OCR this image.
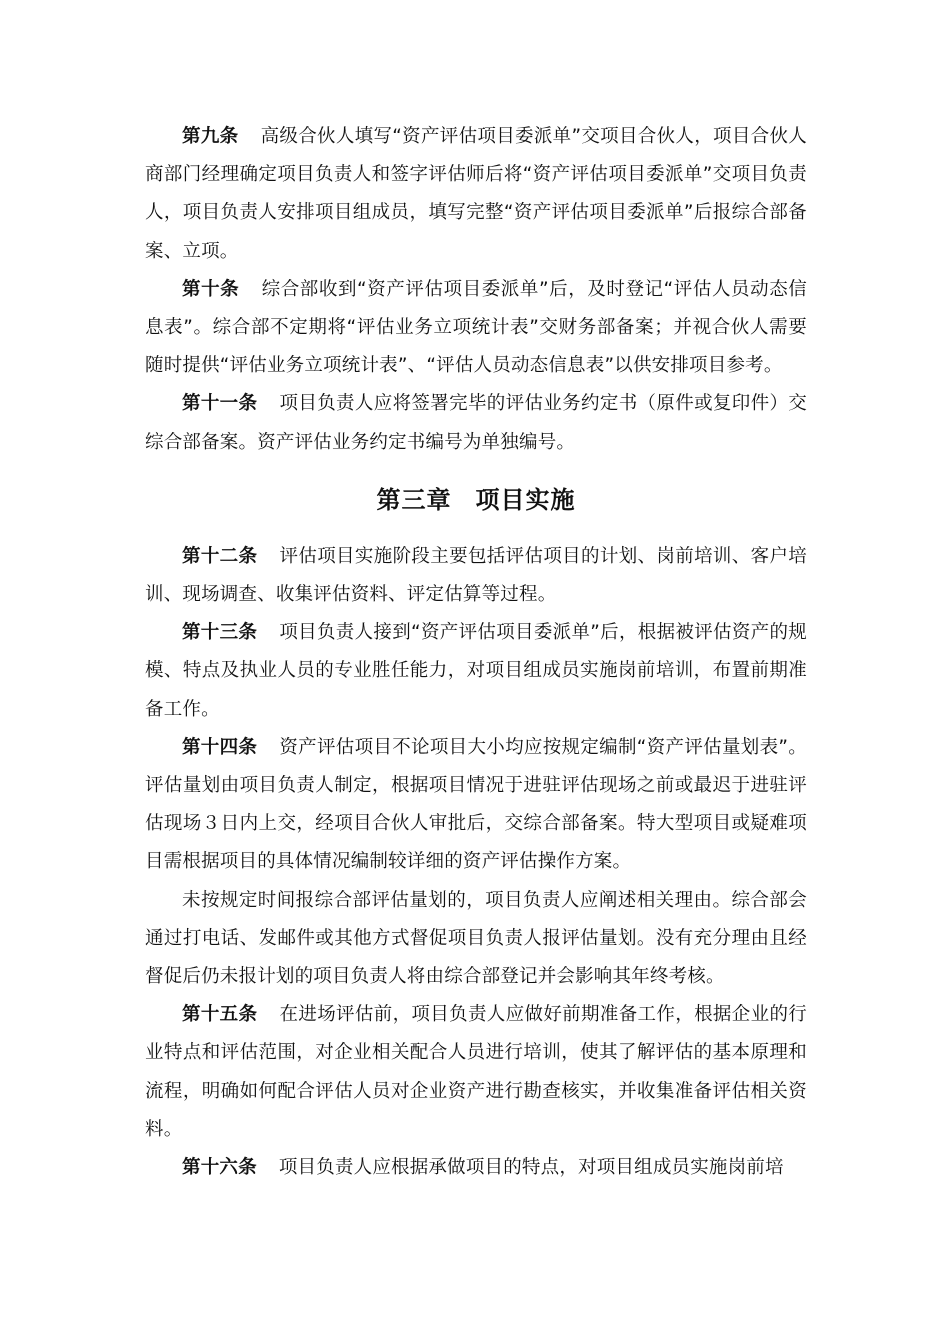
第九条 高级合伙人填写“资产评估项目委派单”交项目合伙人，项目合伙人商部门经理确定项目负责人和签字评估师后将“资产评估项目委派单”交项目负责人，项目负责人安排项目组成员，填写完整“资产评估项目委派单”后报综合部备案、立项。

第十条 综合部收到“资产评估项目委派单”后，及时登记“评估人员动态信息表”。综合部不定期将“评估业务立项统计表”交财务部备案；并视合伙人需要随时提供“评估业务立项统计表”、“评估人员动态信息表”以供安排项目参考。

第十一条 项目负责人应将签署完毕的评估业务约定书（原件或复印件）交综合部备案。资产评估业务约定书编号为单独编号。

第三章 项目实施

第十二条 评估项目实施阶段主要包括评估项目的计划、岗前培训、客户培训、现场调查、收集评估资料、评定估算等过程。

第十三条 项目负责人接到“资产评估项目委派单”后，根据被评估资产的规模、特点及执业人员的专业胜任能力，对项目组成员实施岗前培训，布置前期准备工作。

第十四条 资产评估项目不论项目大小均应按规定编制“资产评估量划表”。评估量划由项目负责人制定，根据项目情况于进驻评估现场之前或最迟于进驻评估现场３日内上交，经项目合伙人审批后，交综合部备案。特大型项目或疑难项目需根据项目的具体情况编制较详细的资产评估操作方案。

未按规定时间报综合部评估量划的，项目负责人应阐述相关理由。综合部会通过打电话、发邮件或其他方式督促项目负责人报评估量划。没有充分理由且经督促后仍未报计划的项目负责人将由综合部登记并会影响其年终考核。

第十五条 在进场评估前，项目负责人应做好前期准备工作，根据企业的行业特点和评估范围，对企业相关配合人员进行培训，使其了解评估的基本原理和流程，明确如何配合评估人员对企业资产进行勘查核实，并收集准备评估相关资料。

第十六条 项目负责人应根据承做项目的特点，对项目组成员实施岗前培
